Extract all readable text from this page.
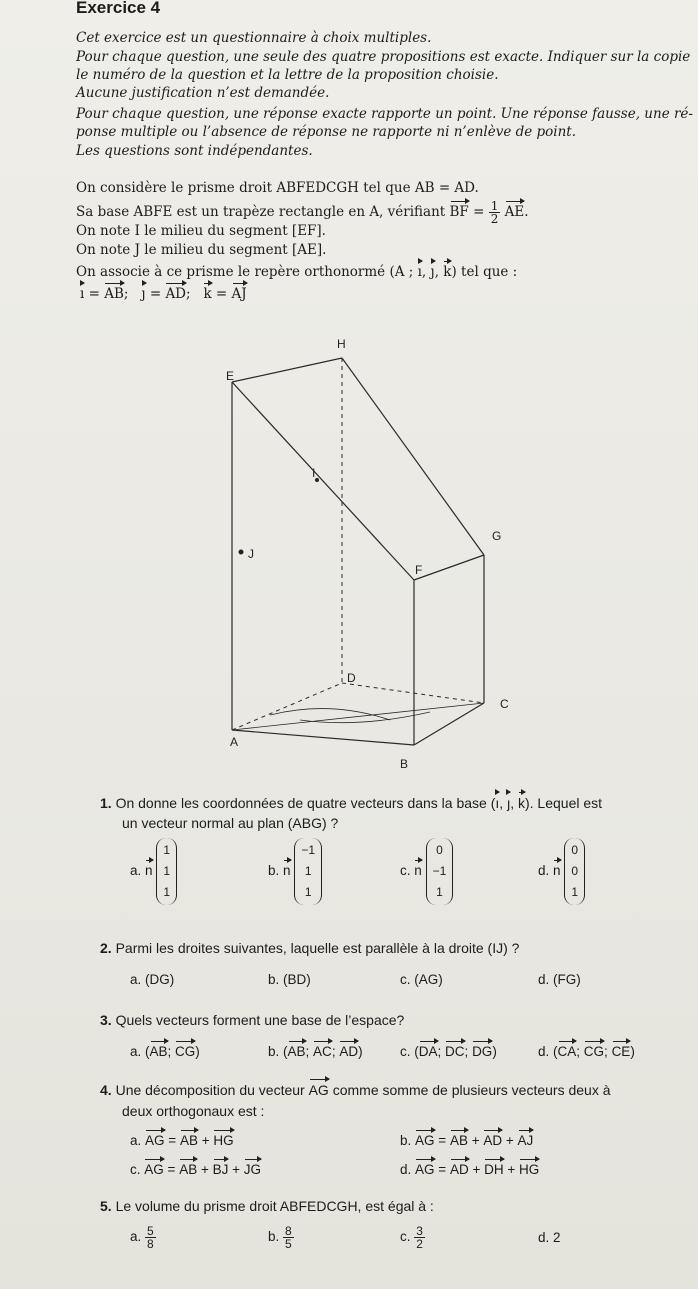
Exercice 4
Cet exercice est un questionnaire à choix multiples.
Pour chaque question, une seule des quatre propositions est exacte. Indiquer sur la copie
le numéro de la question et la lettre de la proposition choisie.
Aucune justification n’est demandée.
Pour chaque question, une réponse exacte rapporte un point. Une réponse fausse, une ré-
ponse multiple ou l’absence de réponse ne rapporte ni n’enlève de point.
Les questions sont indépendantes.
On considère le prisme droit ABFEDCGH tel que AB = AD.
Sa base ABFE est un trapèze rectangle en A, vérifiant BF = $\frac{1}{2}$ AE.
On note I le milieu du segment [EF].
On note J le milieu du segment [AE].
On associe à ce prisme le repère orthonormé (A ; ı, ȷ, k) tel que :
ı = AB;   ȷ = AD;   k = AJ
H
E
I
G
J
F
D
C
A
B
1. On donne les coordonnées de quatre vecteurs dans la base (ı, ȷ, k). Lequel est
un vecteur normal au plan (ABG) ?
a. n
1
1
1
b. n
−1
1
1
c. n
0
−1
1
d. n
0
0
1
2. Parmi les droites suivantes, laquelle est parallèle à la droite (IJ) ?
a. (DG)	b. (BD)	c. (AG)	d. (FG)
3. Quels vecteurs forment une base de l’espace?
a. (AB; CG)	b. (AB; AC; AD)	c. (DA; DC; DG)	d. (CA; CG; CE)
4. Une décomposition du vecteur AG comme somme de plusieurs vecteurs deux à
deux orthogonaux est :
a. AG = AB + HG	b. AG = AB + AD + AJ
c. AG = AB + BJ + JG	d. AG = AD + DH + HG
5. Le volume du prisme droit ABFEDCGH, est égal à :
a. $\frac{5}{8}$	b. $\frac{8}{5}$	c. $\frac{3}{2}$	d. 2
